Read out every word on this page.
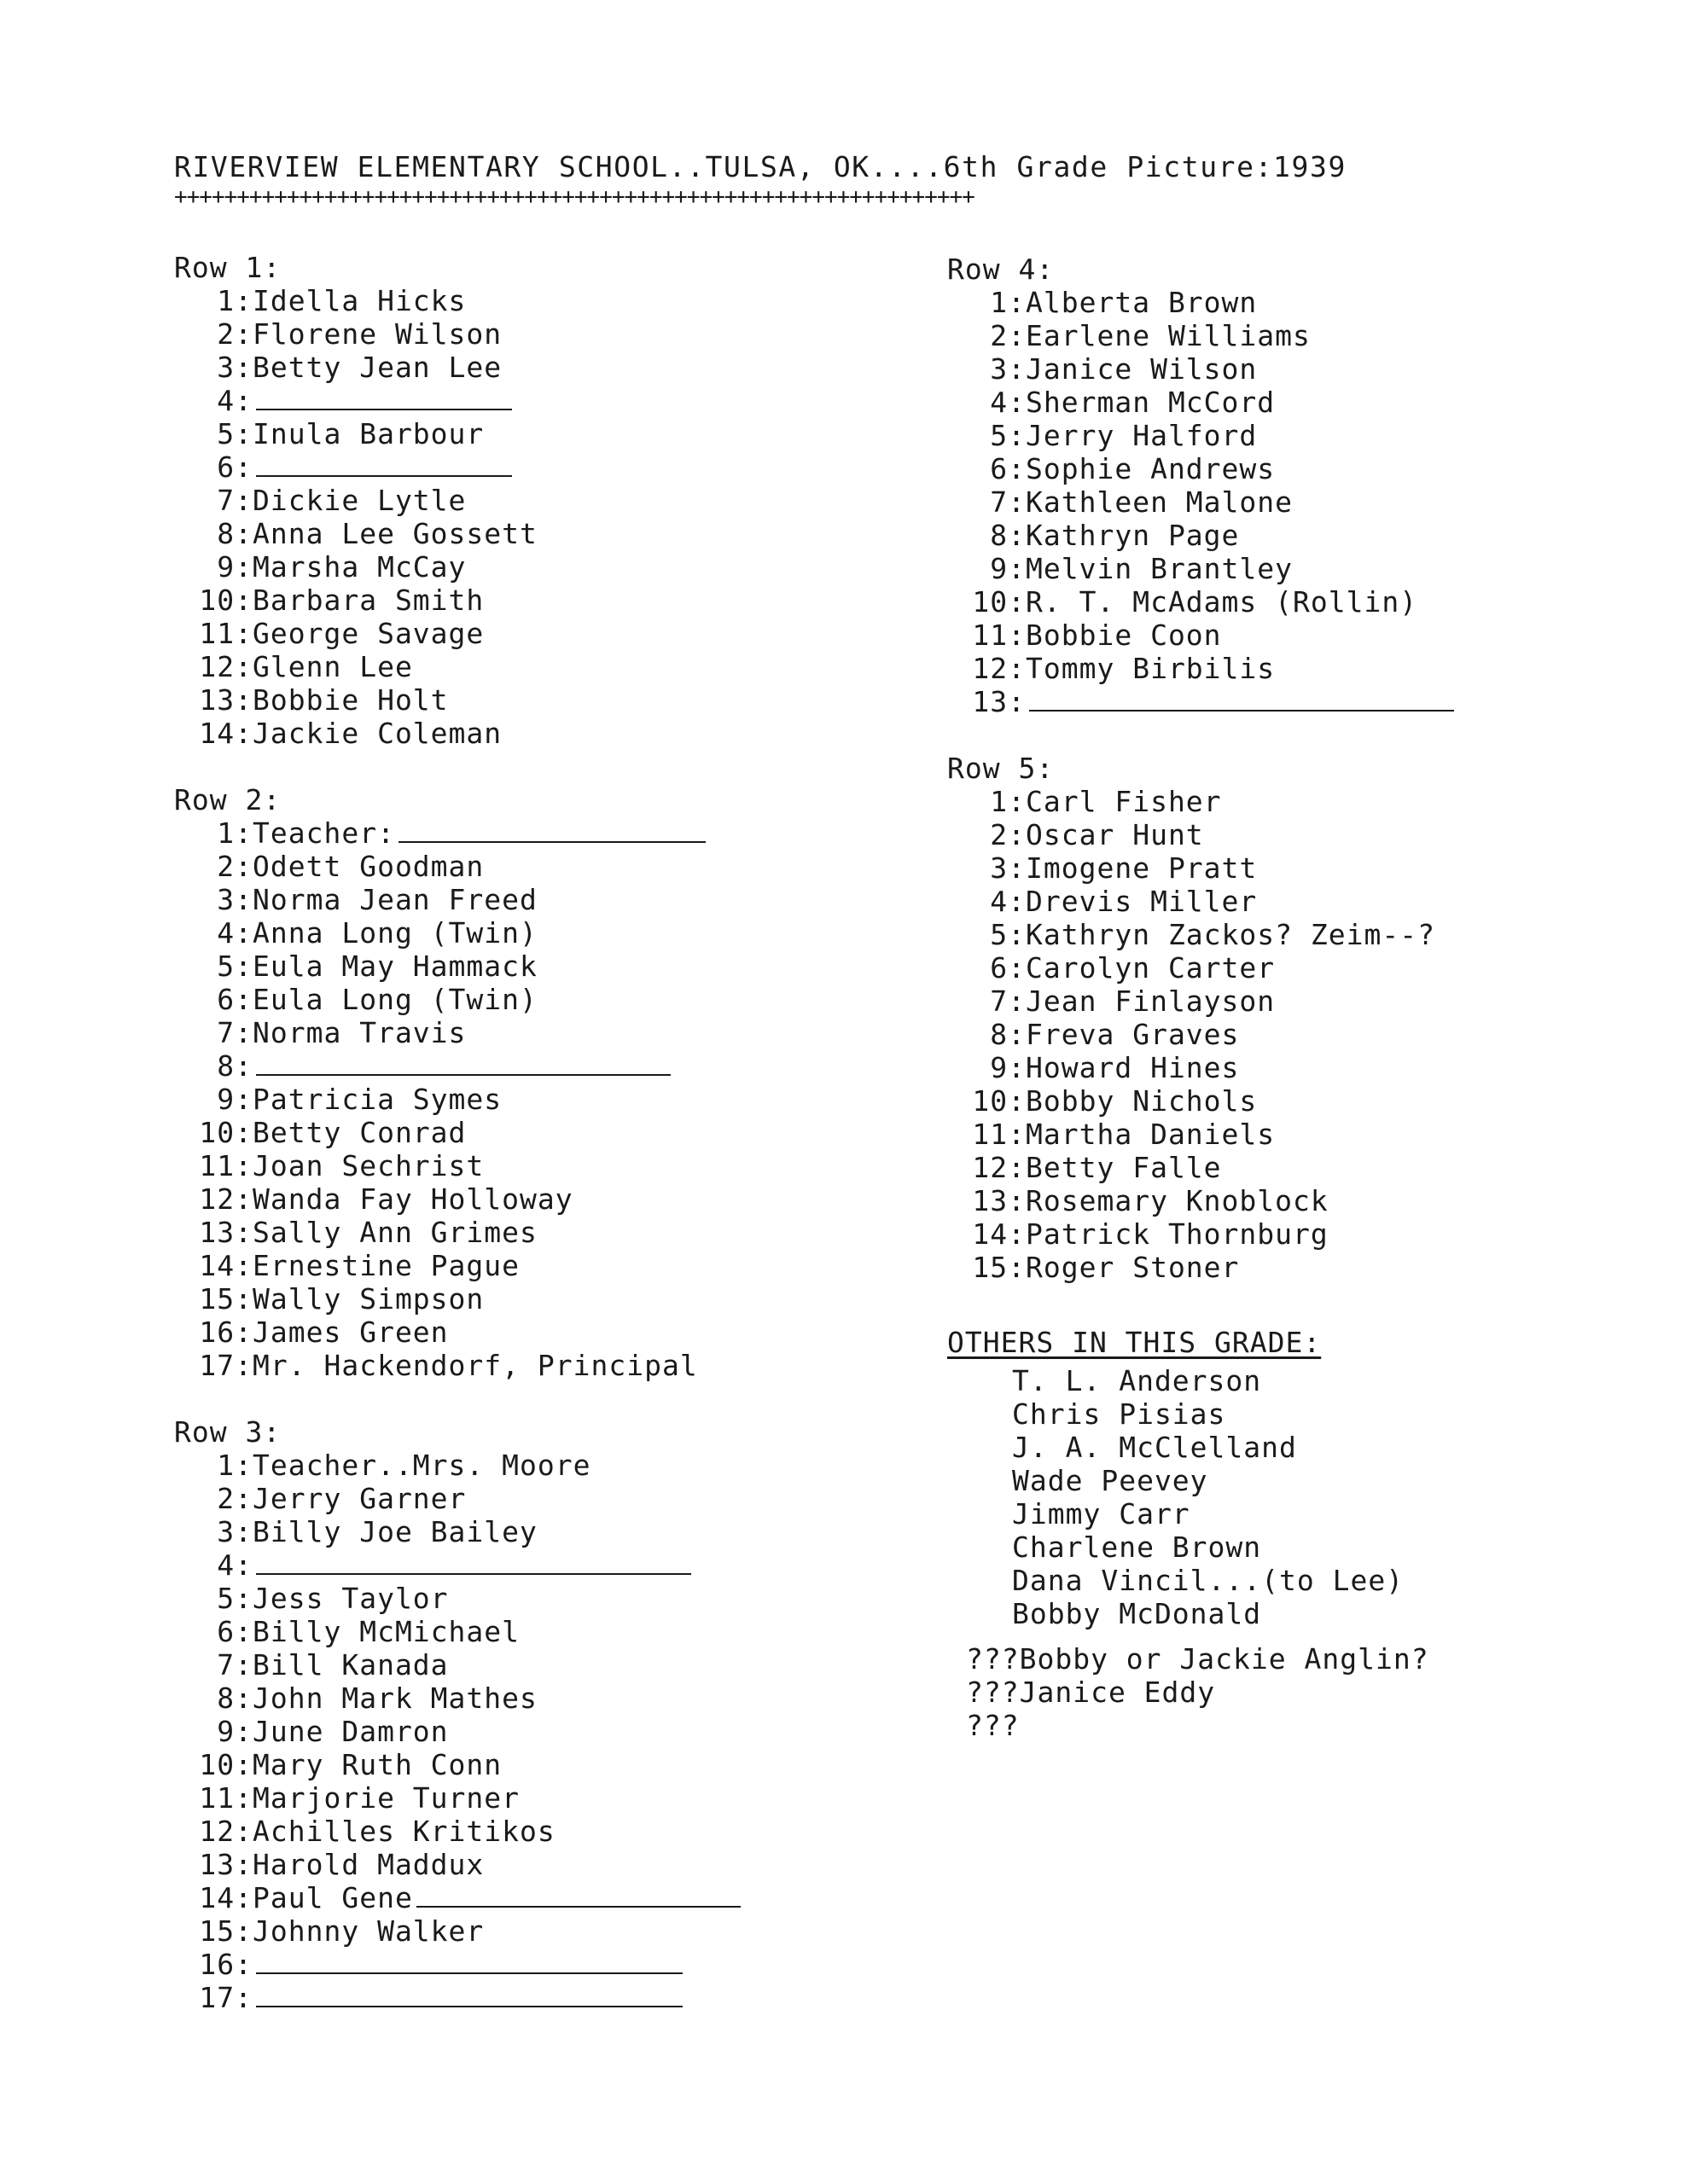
RIVERVIEW ELEMENTARY SCHOOL..TULSA, OK....6th Grade Picture:1939
++++++++++++++++++++++++++++++++++++++++++++++++++++++++++++++++
Row 1:
1: Idella Hicks
2: Florene Wilson
3: Betty Jean Lee
4:
5: Inula Barbour
6:
7: Dickie Lytle
8: Anna Lee Gossett
9: Marsha McCay
10: Barbara Smith
11: George Savage
12: Glenn Lee
13: Bobbie Holt
14: Jackie Coleman
Row 2:
1: Teacher:
2: Odett Goodman
3: Norma Jean Freed
4: Anna Long (Twin)
5: Eula May Hammack
6: Eula Long (Twin)
7: Norma Travis
8:
9: Patricia Symes
10: Betty Conrad
11: Joan Sechrist
12: Wanda Fay Holloway
13: Sally Ann Grimes
14: Ernestine Pague
15: Wally Simpson
16: James Green
17: Mr. Hackendorf, Principal
Row 3:
1: Teacher..Mrs. Moore
2: Jerry Garner
3: Billy Joe Bailey
4:
5: Jess Taylor
6: Billy McMichael
7: Bill Kanada
8: John Mark Mathes
9: June Damron
10: Mary Ruth Conn
11: Marjorie Turner
12: Achilles Kritikos
13: Harold Maddux
14: Paul Gene
15: Johnny Walker
16:
17:
Row 4:
1: Alberta Brown
2: Earlene Williams
3: Janice Wilson
4: Sherman McCord
5: Jerry Halford
6: Sophie Andrews
7: Kathleen Malone
8: Kathryn Page
9: Melvin Brantley
10: R. T. McAdams (Rollin)
11: Bobbie Coon
12: Tommy Birbilis
13:
Row 5:
1: Carl Fisher
2: Oscar Hunt
3: Imogene Pratt
4: Drevis Miller
5: Kathryn Zackos? Zeim--?
6: Carolyn Carter
7: Jean Finlayson
8: Freva Graves
9: Howard Hines
10: Bobby Nichols
11: Martha Daniels
12: Betty Falle
13: Rosemary Knoblock
14: Patrick Thornburg
15: Roger Stoner
OTHERS IN THIS GRADE:
T. L. Anderson
Chris Pisias
J. A. McClelland
Wade Peevey
Jimmy Carr
Charlene Brown
Dana Vincil...(to Lee)
Bobby McDonald
???Bobby or Jackie Anglin?
???Janice Eddy
???
